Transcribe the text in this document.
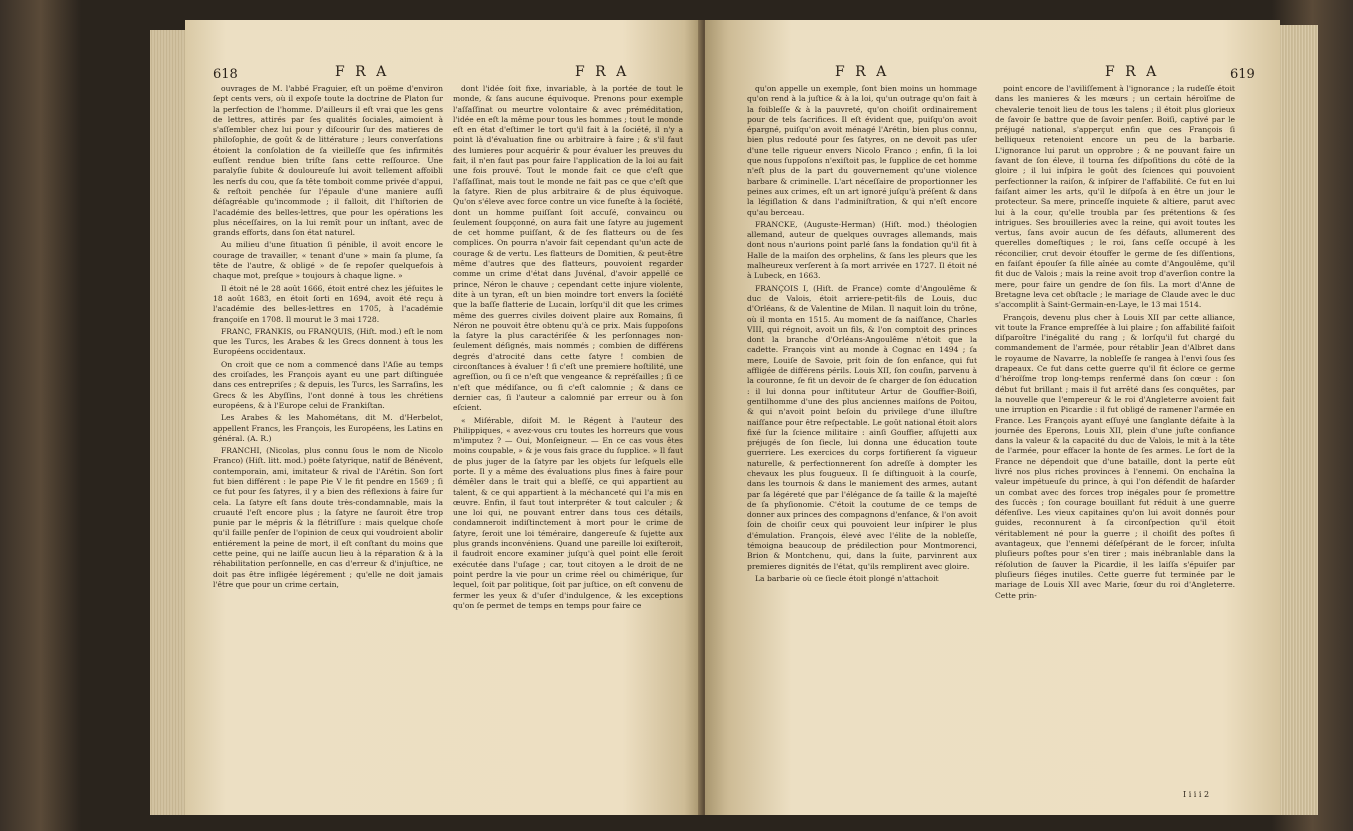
618	F R A	F R A

ouvrages de M. l'abbé Fraguier, eſt un poëme d'environ ſept cents vers, où il expoſe toute la doctrine de Platon ſur la perfection de l'homme. D'ailleurs il eſt vrai que les gens de lettres, attirés par ſes qualités ſociales, aimoient à s'aſſembler chez lui pour y diſcourir ſur des matieres de philoſophie, de goût & de littérature ; leurs converſations étoient la conſolation de ſa vieilleſſe que ſes infirmités euſſent rendue bien triſte ſans cette reſſource. Une paralyſie ſubite & douloureuſe lui avoit tellement affoibli les nerfs du cou, que ſa tête tomboit comme privée d'appui, & reſtoit penchée ſur l'épaule d'une maniere auſſi déſagréable qu'incommode ; il falloit, dit l'hiſtorien de l'académie des belles-lettres, que pour les opérations les plus néceſſaires, on la lui remît pour un inſtant, avec de grands efforts, dans ſon état naturel.

Au milieu d'une ſituation ſi pénible, il avoit encore le courage de travailler, « tenant d'une » main ſa plume, ſa tête de l'autre, & obligé » de ſe repoſer quelquefois à chaque mot, preſque » toujours à chaque ligne. »

Il étoit né le 28 août 1666, étoit entré chez les jéſuites le 18 août 1683, en étoit ſorti en 1694, avoit été reçu à l'académie des belles-lettres en 1705, à l'académie françoiſe en 1708. Il mourut le 3 mai 1728.

FRANC, FRANKIS, ou FRANQUIS, (Hiſt. mod.) eſt le nom que les Turcs, les Arabes & les Grecs donnent à tous les Européens occidentaux.

On croit que ce nom a commencé dans l'Aſie au temps des croiſades, les François ayant eu une part diſtinguée dans ces entrepriſes ; & depuis, les Turcs, les Sarraſins, les Grecs & les Abyſſins, l'ont donné à tous les chrétiens européens, & à l'Europe celui de Frankiſtan.

Les Arabes & les Mahométans, dit M. d'Herbelot, appellent Francs, les François, les Européens, les Latins en général. (A. R.)

FRANCHI, (Nicolas, plus connu ſous le nom de Nicolo Franco) (Hiſt. litt. mod.) poëte ſatyrique, natif de Bénévent, contemporain, ami, imitateur & rival de l'Arétin. Son ſort fut bien différent : le pape Pie V le fit pendre en 1569 ; ſi ce fut pour ſes ſatyres, il y a bien des réflexions à faire ſur cela. La ſatyre eſt ſans doute très-condamnable, mais la cruauté l'eſt encore plus ; la ſatyre ne ſauroit être trop punie par le mépris & la flétriſſure : mais quelque choſe qu'il faille penſer de l'opinion de ceux qui voudroient abolir entiérement la peine de mort, il eſt conſtant du moins que cette peine, qui ne laiſſe aucun lieu à la réparation & à la réhabilitation perſonnelle, en cas d'erreur & d'injuſtice, ne doit pas être infligée légérement ; qu'elle ne doit jamais l'être que pour un crime certain,

dont l'idée ſoit fixe, invariable, à la portée de tout le monde, & ſans aucune équivoque. Prenons pour exemple l'aſſaſſinat ou meurtre volontaire & avec préméditation, l'idée en eſt la même pour tous les hommes ; tout le monde eſt en état d'eſtimer le tort qu'il fait à la ſociété, il n'y a point là d'évaluation fine ou arbitraire à faire ; & s'il faut des lumieres pour acquérir & pour évaluer les preuves du fait, il n'en faut pas pour faire l'application de la loi au fait une fois prouvé. Tout le monde fait ce que c'eſt que l'aſſaſſinat, mais tout le monde ne fait pas ce que c'eſt que la ſatyre. Rien de plus arbitraire & de plus équivoque. Qu'on s'éleve avec force contre un vice funeſte à la ſociété, dont un homme puiſſant ſoit accuſé, convaincu ou ſeulement ſoupçonné, on aura fait une ſatyre au jugement de cet homme puiſſant, & de ſes flatteurs ou de ſes complices. On pourra n'avoir fait cependant qu'un acte de courage & de vertu. Les flatteurs de Domitien, & peut-être même d'autres que des flatteurs, pouvoient regarder comme un crime d'état dans Juvénal, d'avoir appellé ce prince, Néron le chauve ; cependant cette injure violente, dite à un tyran, eſt un bien moindre tort envers la ſociété que la baſſe flatterie de Lucain, lorſqu'il dit que les crimes même des guerres civiles doivent plaire aux Romains, ſi Néron ne pouvoit être obtenu qu'à ce prix. Mais ſuppoſons la ſatyre la plus caractériſée & les perſonnages non-ſeulement déſignés, mais nommés ; combien de différens degrés d'atrocité dans cette ſatyre ! combien de circonſtances à évaluer ! ſi c'eſt une premiere hoſtilité, une agreſſion, ou ſi ce n'eſt que vengeance & repréſailles ; ſi ce n'eſt que médiſance, ou ſi c'eſt calomnie ; & dans ce dernier cas, ſi l'auteur a calomnié par erreur ou à ſon eſcient.

« Miſérable, diſoit M. le Régent à l'auteur des Philippiques, « avez-vous cru toutes les horreurs que vous m'imputez ? — Oui, Monſeigneur. — En ce cas vous êtes moins coupable, » & je vous fais grace du ſupplice. » Il faut de plus juger de la ſatyre par les objets ſur leſquels elle porte. Il y a même des évaluations plus fines à faire pour démêler dans le trait qui a bleſſé, ce qui appartient au talent, & ce qui appartient à la méchanceté qui l'a mis en œuvre. Enfin, il faut tout interpréter & tout calculer ; & une loi qui, ne pouvant entrer dans tous ces détails, condamneroit indiſtinctement à mort pour le crime de ſatyre, ſeroit une loi téméraire, dangereuſe & ſujette aux plus grands inconvéniens. Quand une pareille loi exiſteroit, il faudroit encore examiner juſqu'à quel point elle ſeroit exécutée dans l'uſage ; car, tout citoyen a le droit de ne point perdre la vie pour un crime réel ou chimérique, ſur lequel, ſoit par politique, ſoit par juſtice, on eſt convenu de fermer les yeux & d'uſer d'indulgence, & les exceptions qu'on ſe permet de temps en temps pour faire ce

F R A	F R A	619

qu'on appelle un exemple, ſont bien moins un hommage qu'on rend à la juſtice & à la loi, qu'un outrage qu'on fait à la foibleſſe & à la pauvreté, qu'on choiſit ordinairement pour de tels ſacrifices. Il eſt évident que, puiſqu'on avoit épargné, puiſqu'on avoit ménagé l'Arétin, bien plus connu, bien plus redouté pour ſes ſatyres, on ne devoit pas uſer d'une telle rigueur envers Nicolo Franco ; enfin, ſi la loi que nous ſuppoſons n'exiſtoit pas, le ſupplice de cet homme n'eſt plus de la part du gouvernement qu'une violence barbare & criminelle. L'art néceſſaire de proportionner les peines aux crimes, eſt un art ignoré juſqu'à préſent & dans la légiſlation & dans l'adminiſtration, & qui n'eſt encore qu'au berceau.

FRANCKE, (Auguste-Herman) (Hiſt. mod.) théologien allemand, auteur de quelques ouvrages allemands, mais dont nous n'aurions point parlé ſans la fondation qu'il fit à Halle de la maiſon des orphelins, & ſans les pleurs que les malheureux verſerent à ſa mort arrivée en 1727. Il étoit né à Lubeck, en 1663.

FRANÇOIS I, (Hiſt. de France) comte d'Angoulême & duc de Valois, étoit arriere-petit-fils de Louis, duc d'Orléans, & de Valentine de Milan. Il naquit loin du trône, où il monta en 1515. Au moment de ſa naiſſance, Charles VIII, qui régnoit, avoit un fils, & l'on comptoit des princes dont la branche d'Orléans-Angoulême n'étoit que la cadette. François vint au monde à Cognac en 1494 ; ſa mere, Louiſe de Savoie, prit ſoin de ſon enfance, qui fut affligée de différens périls. Louis XII, ſon couſin, parvenu à la couronne, ſe fit un devoir de ſe charger de ſon éducation : il lui donna pour inſtituteur Artur de Gouffier-Boiſi, gentilhomme d'une des plus anciennes maiſons de Poitou, & qui n'avoit point beſoin du privilege d'une illuſtre naiſſance pour être reſpectable. Le goût national étoit alors fixé ſur la ſcience militaire : ainſi Gouffier, aſſujetti aux préjugés de ſon ſiecle, lui donna une éducation toute guerriere. Les exercices du corps fortifierent ſa vigueur naturelle, & perfectionnerent ſon adreſſe à dompter les chevaux les plus fougueux. Il ſe diſtinguoit à la courſe, dans les tournois & dans le maniement des armes, autant par ſa légéreté que par l'élégance de ſa taille & la majeſté de ſa phyſionomie. C'étoit la coutume de ce temps de donner aux princes des compagnons d'enfance, & l'on avoit ſoin de choiſir ceux qui pouvoient leur inſpirer le plus d'émulation. François, élevé avec l'élite de la nobleſſe, témoigna beaucoup de prédilection pour Montmorenci, Brion & Montchenu, qui, dans la ſuite, parvinrent aux premieres dignités de l'état, qu'ils remplirent avec gloire.

La barbarie où ce ſiecle étoit plongé n'attachoit

point encore de l'aviliſſement à l'ignorance ; la rudeſſe étoit dans les manieres & les mœurs ; un certain héroïſme de chevalerie tenoit lieu de tous les talens ; il étoit plus glorieux de ſavoir ſe battre que de ſavoir penſer. Boiſi, captivé par le préjugé national, s'apperçut enfin que ces François ſi belliqueux retenoient encore un peu de la barbarie. L'ignorance lui parut un opprobre ; & ne pouvant faire un ſavant de ſon éleve, il tourna ſes diſpoſitions du côté de la gloire ; il lui inſpira le goût des ſciences qui pouvoient perfectionner la raiſon, & inſpirer de l'affabilité. Ce fut en lui faiſant aimer les arts, qu'il le diſpoſa à en être un jour le protecteur. Sa mere, princeſſe inquiete & altiere, parut avec lui à la cour, qu'elle troubla par ſes prétentions & ſes intrigues. Ses brouilleries avec la reine, qui avoit toutes les vertus, ſans avoir aucun de ſes défauts, allumerent des querelles domeſtiques ; le roi, ſans ceſſe occupé à les réconcilier, crut devoir étouffer le germe de ſes diſſentions, en faiſant épouſer ſa fille aînée au comte d'Angoulême, qu'il fit duc de Valois ; mais la reine avoit trop d'averſion contre la mere, pour faire un gendre de ſon fils. La mort d'Anne de Bretagne leva cet obſtacle ; le mariage de Claude avec le duc s'accomplit à Saint-Germain-en-Laye, le 13 mai 1514.

François, devenu plus cher à Louis XII par cette alliance, vit toute la France empreſſée à lui plaire ; ſon affabilité faiſoit diſparoître l'inégalité du rang ; & lorſqu'il fut chargé du commandement de l'armée, pour rétablir Jean d'Albret dans le royaume de Navarre, la nobleſſe ſe rangea à l'envi ſous ſes drapeaux. Ce fut dans cette guerre qu'il fit éclore ce germe d'héroïſme trop long-temps renfermé dans ſon cœur : ſon début fut brillant ; mais il fut arrêté dans ſes conquêtes, par la nouvelle que l'empereur & le roi d'Angleterre avoient fait une irruption en Picardie : il fut obligé de ramener l'armée en France. Les François ayant eſſuyé une ſanglante défaite à la journée des Eperons, Louis XII, plein d'une juſte confiance dans la valeur & la capacité du duc de Valois, le mit à la tête de l'armée, pour effacer la honte de ſes armes. Le ſort de la France ne dépendoit que d'une bataille, dont la perte eût livré nos plus riches provinces à l'ennemi. On enchaîna la valeur impétueuſe du prince, à qui l'on défendit de haſarder un combat avec des forces trop inégales pour ſe promettre des ſuccès ; ſon courage bouillant fut réduit à une guerre défenſive. Les vieux capitaines qu'on lui avoit donnés pour guides, reconnurent à ſa circonſpection qu'il étoit véritablement né pour la guerre ; il choiſit des poſtes ſi avantageux, que l'ennemi déſeſpérant de le forcer, inſulta pluſieurs poſtes pour s'en tirer ; mais inébranlable dans la réſolution de ſauver la Picardie, il les laiſſa s'épuiſer par pluſieurs ſiéges inutiles. Cette guerre fut terminée par le mariage de Louis XII avec Marie, ſœur du roi d'Angleterre. Cette prin-

I i i i 2
